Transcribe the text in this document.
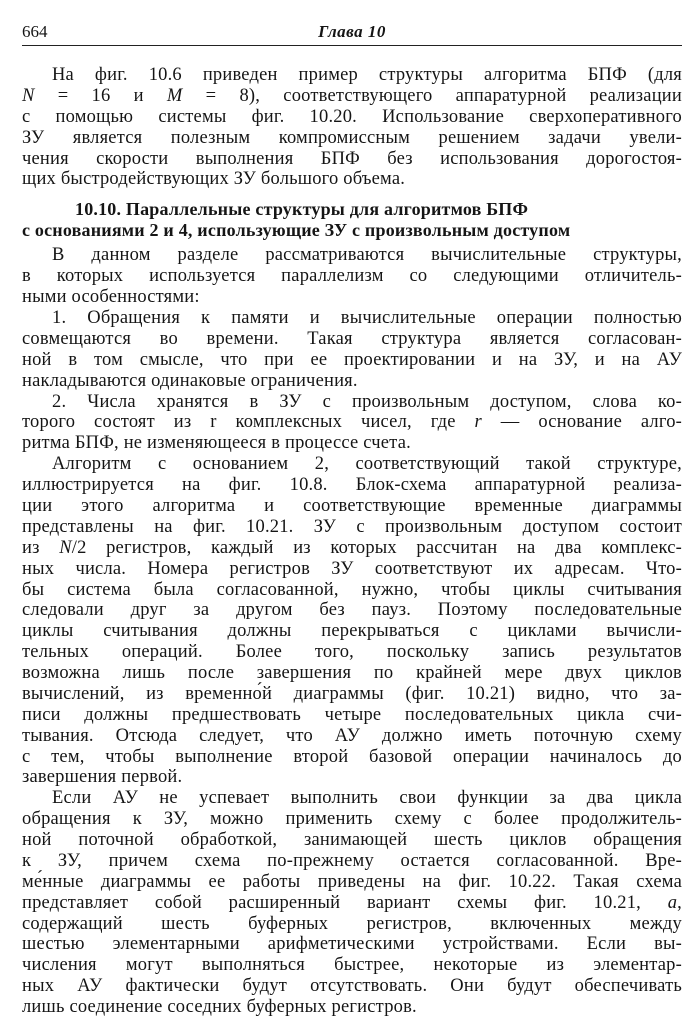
664	Глава 10
На фиг. 10.6 приведен пример структуры алгоритма БПФ (для
N = 16 и M = 8), соответствующего аппаратурной реализации
с помощью системы фиг. 10.20. Использование сверхоперативного
ЗУ является полезным компромиссным решением задачи увели-
чения скорости выполнения БПФ без использования дорогостоя-
щих быстродействующих ЗУ большого объема.
10.10. Параллельные структуры для алгоритмов БПФ
с основаниями 2 и 4, использующие ЗУ с произвольным доступом
В данном разделе рассматриваются вычислительные структуры,
в которых используется параллелизм со следующими отличитель-
ными особенностями:
1. Обращения к памяти и вычислительные операции полностью
совмещаются во времени. Такая структура является согласован-
ной в том смысле, что при ее проектировании и на ЗУ, и на АУ
накладываются одинаковые ограничения.
2. Числа хранятся в ЗУ с произвольным доступом, слова ко-
торого состоят из r комплексных чисел, где r — основание алго-
ритма БПФ, не изменяющееся в процессе счета.
Алгоритм с основанием 2, соответствующий такой структуре,
иллюстрируется на фиг. 10.8. Блок-схема аппаратурной реализа-
ции этого алгоритма и соответствующие временные диаграммы
представлены на фиг. 10.21. ЗУ с произвольным доступом состоит
из N/2 регистров, каждый из которых рассчитан на два комплекс-
ных числа. Номера регистров ЗУ соответствуют их адресам. Что-
бы система была согласованной, нужно, чтобы циклы считывания
следовали друг за другом без пауз. Поэтому последовательные
циклы считывания должны перекрываться с циклами вычисли-
тельных операций. Более того, поскольку запись результатов
возможна лишь после завершения по крайней мере двух циклов
вычислений, из временно́й диаграммы (фиг. 10.21) видно, что за-
писи должны предшествовать четыре последовательных цикла счи-
тывания. Отсюда следует, что АУ должно иметь поточную схему
с тем, чтобы выполнение второй базовой операции начиналось до
завершения первой.
Если АУ не успевает выполнить свои функции за два цикла
обращения к ЗУ, можно применить схему с более продолжитель-
ной поточной обработкой, занимающей шесть циклов обращения
к ЗУ, причем схема по-прежнему остается согласованной. Вре-
ме́нные диаграммы ее работы приведены на фиг. 10.22. Такая схема
представляет собой расширенный вариант схемы фиг. 10.21, а,
содержащий шесть буферных регистров, включенных между
шестью элементарными арифметическими устройствами. Если вы-
числения могут выполняться быстрее, некоторые из элементар-
ных АУ фактически будут отсутствовать. Они будут обеспечивать
лишь соединение соседних буферных регистров.
